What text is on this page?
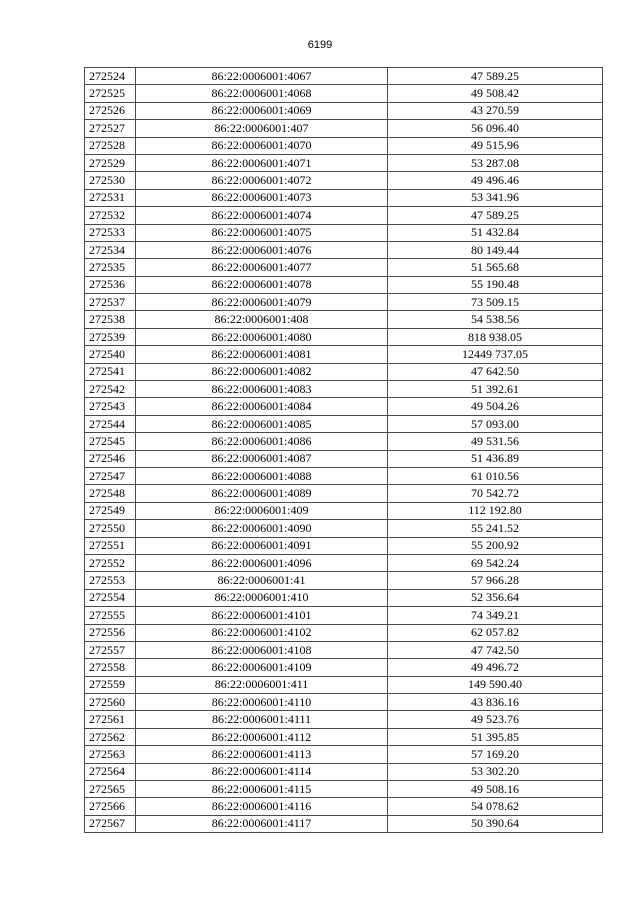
6199
272524	86:22:0006001:4067	47 589.25
272525	86:22:0006001:4068	49 508.42
272526	86:22:0006001:4069	43 270.59
272527	86:22:0006001:407	56 096.40
272528	86:22:0006001:4070	49 515.96
272529	86:22:0006001:4071	53 287.08
272530	86:22:0006001:4072	49 496.46
272531	86:22:0006001:4073	53 341.96
272532	86:22:0006001:4074	47 589.25
272533	86:22:0006001:4075	51 432.84
272534	86:22:0006001:4076	80 149.44
272535	86:22:0006001:4077	51 565.68
272536	86:22:0006001:4078	55 190.48
272537	86:22:0006001:4079	73 509.15
272538	86:22:0006001:408	54 538.56
272539	86:22:0006001:4080	818 938.05
272540	86:22:0006001:4081	12449 737.05
272541	86:22:0006001:4082	47 642.50
272542	86:22:0006001:4083	51 392.61
272543	86:22:0006001:4084	49 504.26
272544	86:22:0006001:4085	57 093.00
272545	86:22:0006001:4086	49 531.56
272546	86:22:0006001:4087	51 436.89
272547	86:22:0006001:4088	61 010.56
272548	86:22:0006001:4089	70 542.72
272549	86:22:0006001:409	112 192.80
272550	86:22:0006001:4090	55 241.52
272551	86:22:0006001:4091	55 200.92
272552	86:22:0006001:4096	69 542.24
272553	86:22:0006001:41	57 966.28
272554	86:22:0006001:410	52 356.64
272555	86:22:0006001:4101	74 349.21
272556	86:22:0006001:4102	62 057.82
272557	86:22:0006001:4108	47 742.50
272558	86:22:0006001:4109	49 496.72
272559	86:22:0006001:411	149 590.40
272560	86:22:0006001:4110	43 836.16
272561	86:22:0006001:4111	49 523.76
272562	86:22:0006001:4112	51 395.85
272563	86:22:0006001:4113	57 169.20
272564	86:22:0006001:4114	53 302.20
272565	86:22:0006001:4115	49 508.16
272566	86:22:0006001:4116	54 078.62
272567	86:22:0006001:4117	50 390.64
